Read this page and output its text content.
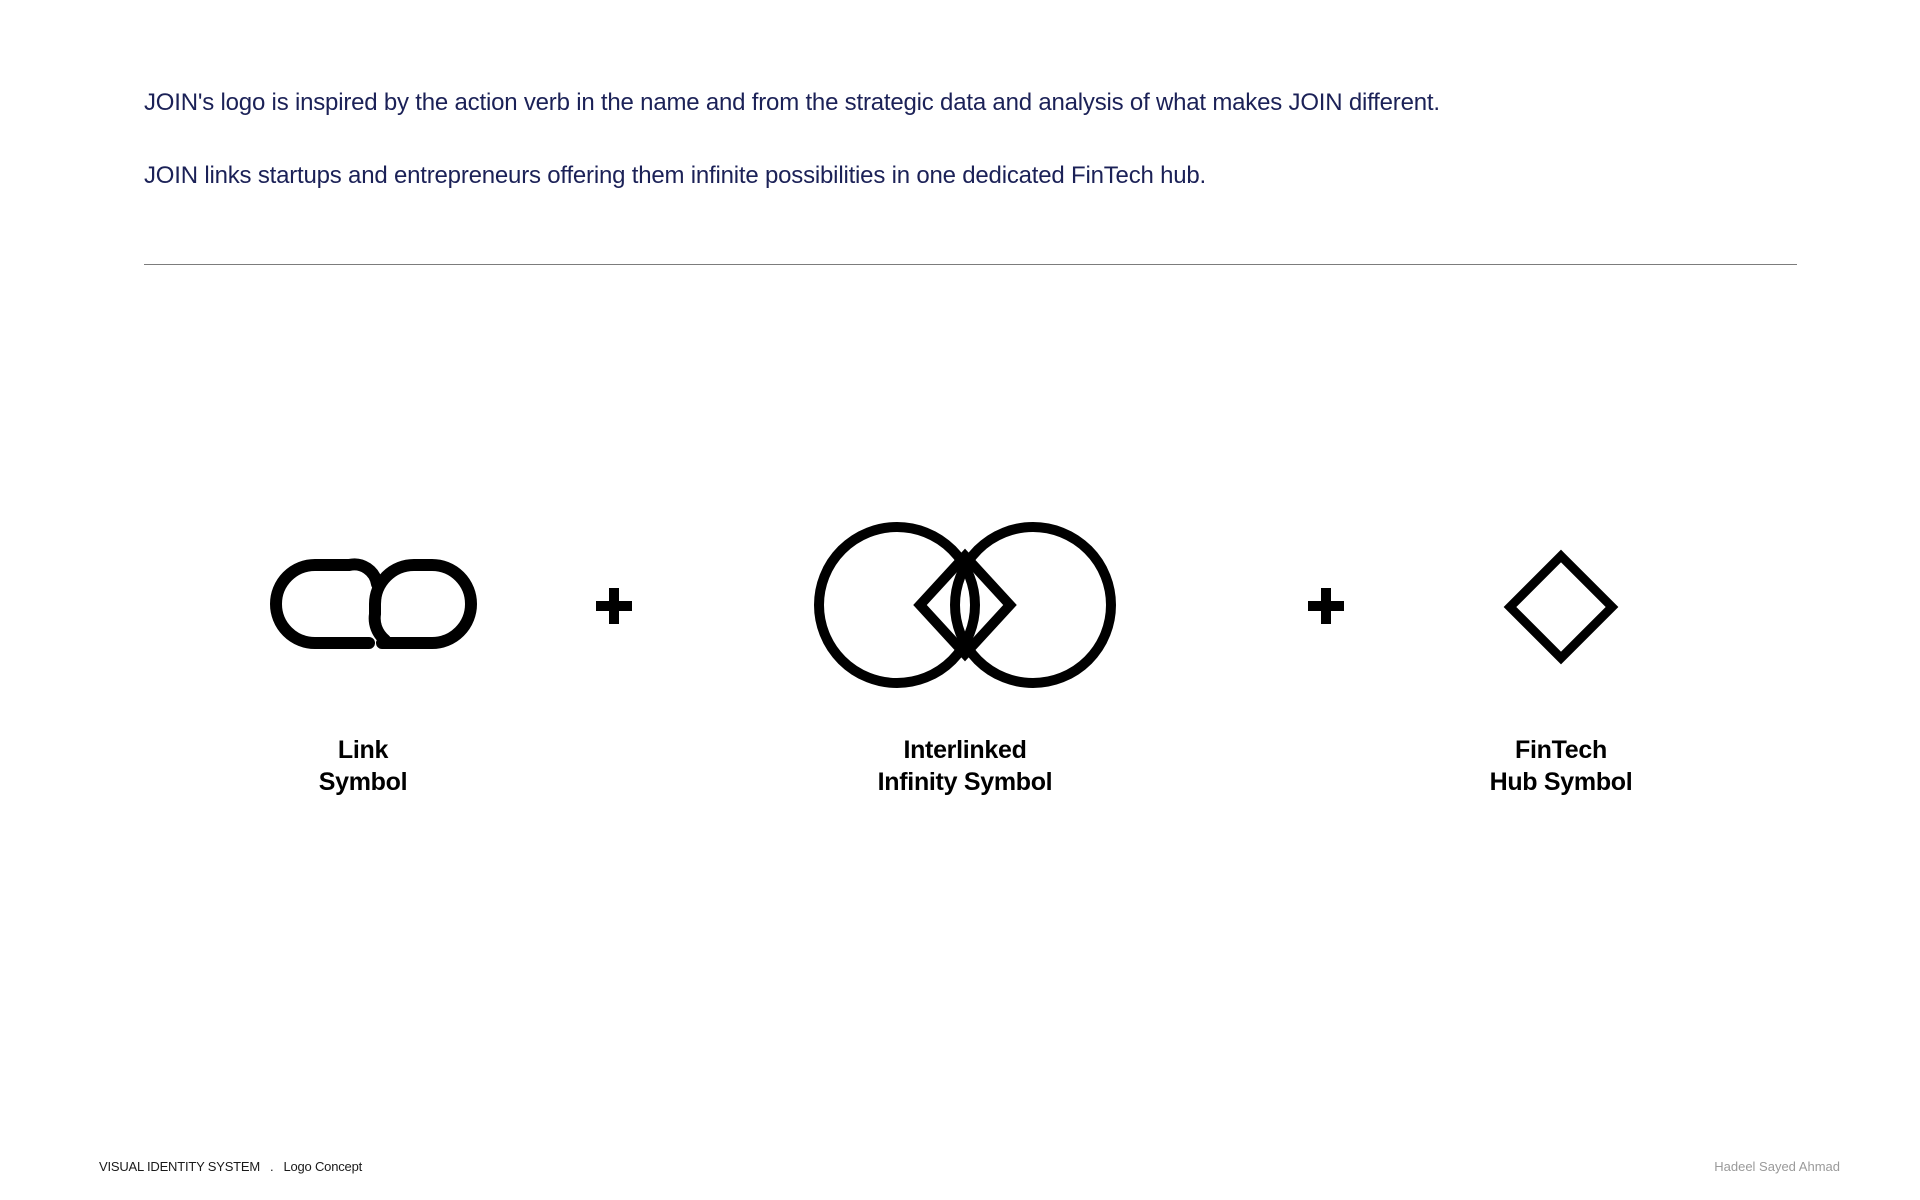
JOIN's logo is inspired by the action verb in the name and from the strategic data and analysis of what makes JOIN different.

JOIN links startups and entrepreneurs offering them infinite possibilities in one dedicated FinTech hub.

Link
Symbol
Interlinked
Infinity Symbol
FinTech
Hub Symbol
VISUAL IDENTITY SYSTEM . Logo Concept	Hadeel Sayed Ahmad
